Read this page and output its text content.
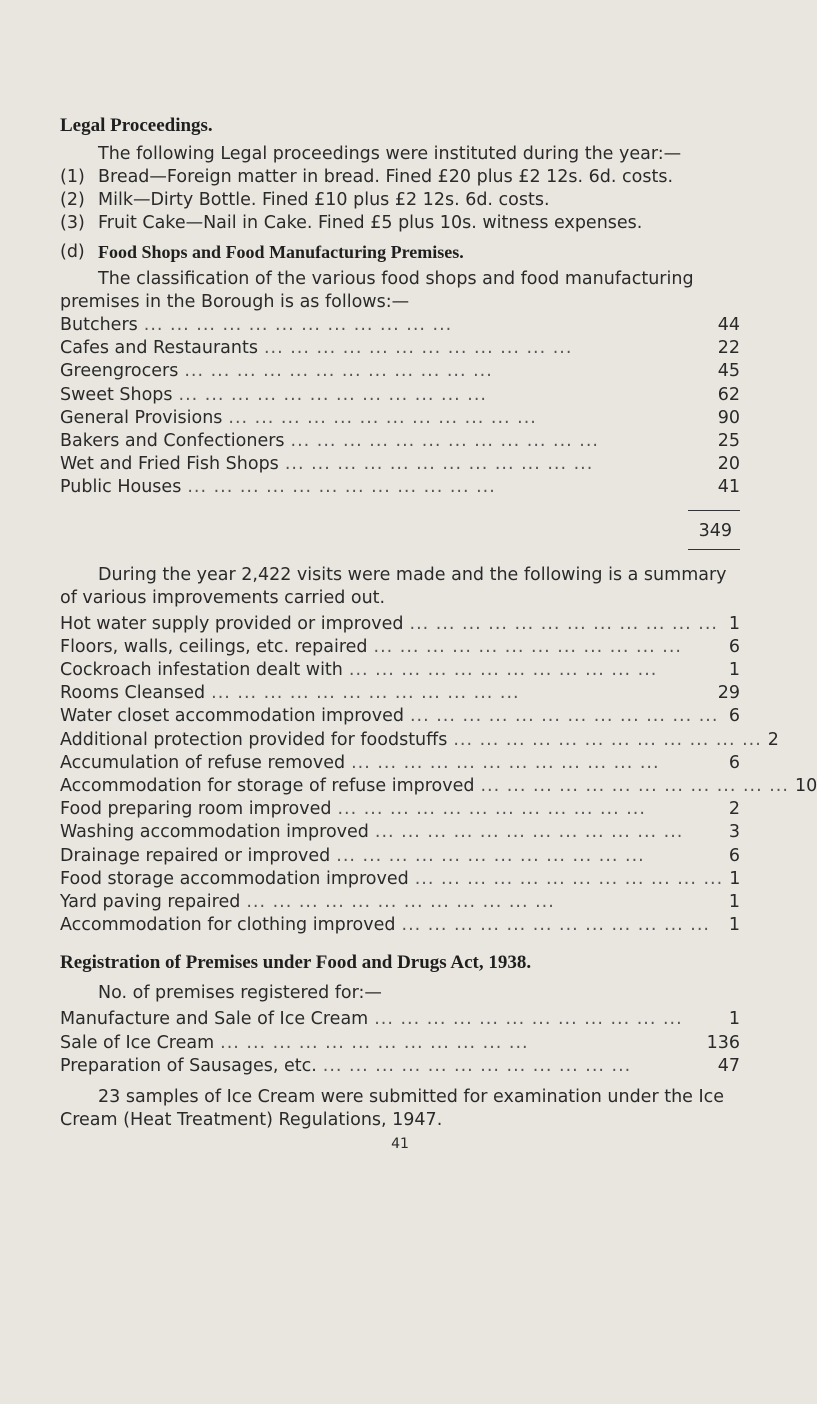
Legal Proceedings.

The following Legal proceedings were instituted during the year:—

(1) Bread—Foreign matter in bread. Fined £20 plus £2 12s. 6d. costs.
(2) Milk—Dirty Bottle. Fined £10 plus £2 12s. 6d. costs.
(3) Fruit Cake—Nail in Cake. Fined £5 plus 10s. witness expenses.
(d) Food Shops and Food Manufacturing Premises.

The classification of the various food shops and food manufacturing premises in the Borough is as follows:—

Butchers ... ... ... ... ... ... ... ... ... ... ... ...	44
Cafes and Restaurants ... ... ... ... ... ... ... ... ... ... ... ...	22
Greengrocers ... ... ... ... ... ... ... ... ... ... ... ...	45
Sweet Shops ... ... ... ... ... ... ... ... ... ... ... ...	62
General Provisions ... ... ... ... ... ... ... ... ... ... ... ...	90
Bakers and Confectioners ... ... ... ... ... ... ... ... ... ... ... ...	25
Wet and Fried Fish Shops ... ... ... ... ... ... ... ... ... ... ... ...	20
Public Houses ... ... ... ... ... ... ... ... ... ... ... ...	41
349

During the year 2,422 visits were made and the following is a summary of various improvements carried out.

Hot water supply provided or improved ... ... ... ... ... ... ... ... ... ... ... ... 1
Floors, walls, ceilings, etc. repaired ... ... ... ... ... ... ... ... ... ... ... ...	6
Cockroach infestation dealt with ... ... ... ... ... ... ... ... ... ... ... ...	1
Rooms Cleansed ... ... ... ... ... ... ... ... ... ... ... ...	29
Water closet accommodation improved ... ... ... ... ... ... ... ... ... ... ... ... 6
Additional protection provided for foodstuffs ... ... ... ... ... ... ... ... ... ... ... ... 2
Accumulation of refuse removed ... ... ... ... ... ... ... ... ... ... ... ...	6
Accommodation for storage of refuse improved ... ... ... ... ... ... ... ... ... ... ... ... 10
Food preparing room improved ... ... ... ... ... ... ... ... ... ... ... ...	2
Washing accommodation improved ... ... ... ... ... ... ... ... ... ... ... ...	3
Drainage repaired or improved ... ... ... ... ... ... ... ... ... ... ... ...	6
Food storage accommodation improved ... ... ... ... ... ... ... ... ... ... ... ... 1
Yard paving repaired ... ... ... ... ... ... ... ... ... ... ... ...	1
Accommodation for clothing improved ... ... ... ... ... ... ... ... ... ... ... ...	1
Registration of Premises under Food and Drugs Act, 1938.

No. of premises registered for:—

Manufacture and Sale of Ice Cream ... ... ... ... ... ... ... ... ... ... ... ...	1
Sale of Ice Cream ... ... ... ... ... ... ... ... ... ... ... ...	136
Preparation of Sausages, etc. ... ... ... ... ... ... ... ... ... ... ... ...	47

23 samples of Ice Cream were submitted for examination under the Ice Cream (Heat Treatment) Regulations, 1947.

41
